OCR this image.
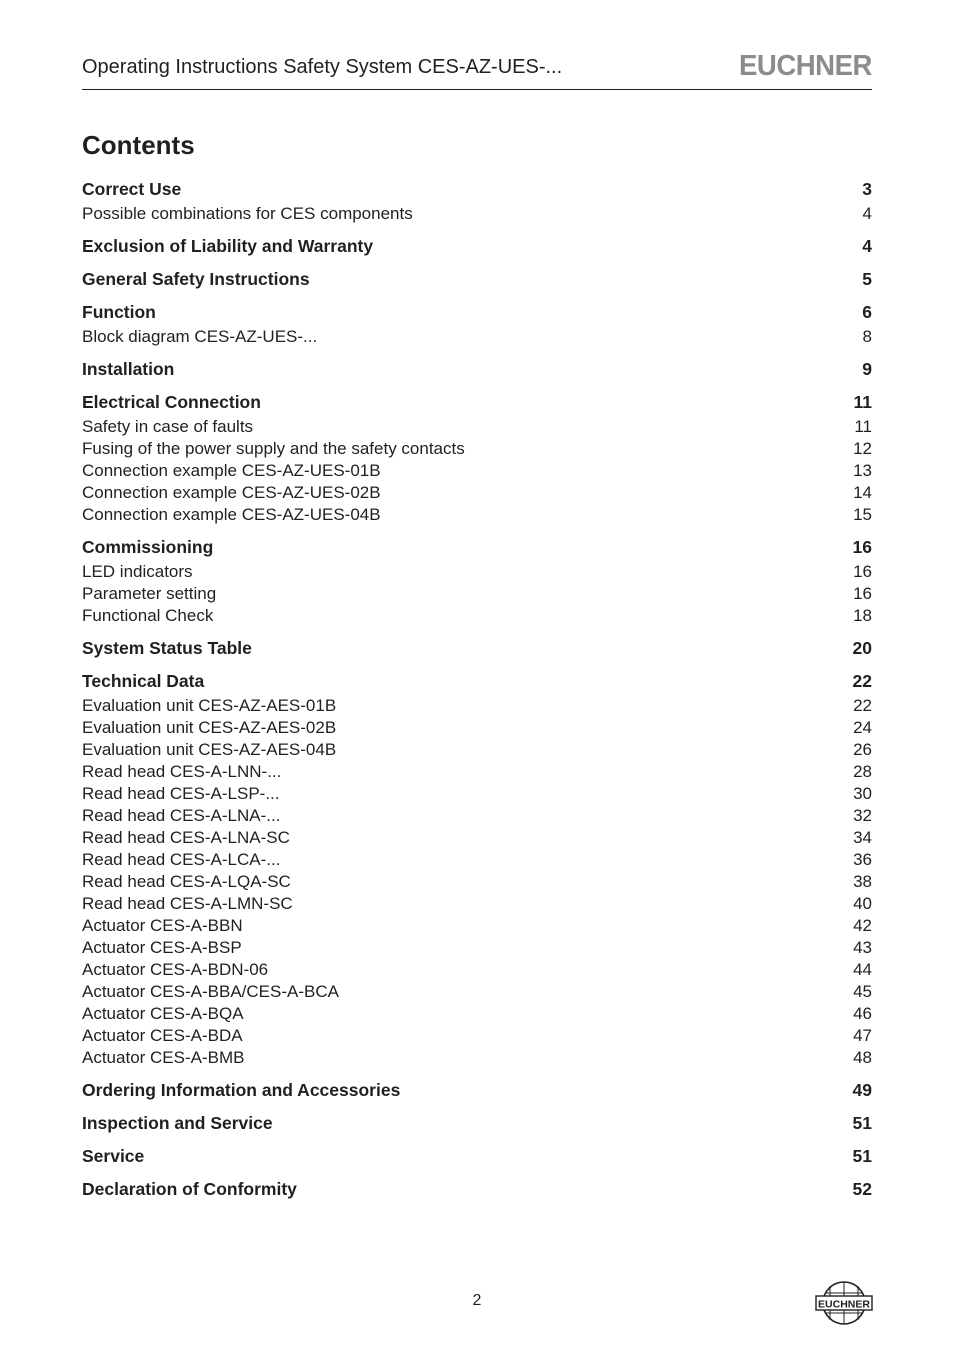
Operating Instructions Safety System CES-AZ-UES-...	EUCHNER
Contents
Correct Use	3
Possible combinations for CES components	4
Exclusion of Liability and Warranty	4
General Safety Instructions	5
Function	6
Block diagram CES-AZ-UES-...	8
Installation	9
Electrical Connection	11
Safety in case of faults	11
Fusing of the power supply and the safety contacts	12
Connection example CES-AZ-UES-01B	13
Connection example CES-AZ-UES-02B	14
Connection example CES-AZ-UES-04B	15
Commissioning	16
LED indicators	16
Parameter setting	16
Functional Check	18
System Status Table	20
Technical Data	22
Evaluation unit CES-AZ-AES-01B	22
Evaluation unit CES-AZ-AES-02B	24
Evaluation unit CES-AZ-AES-04B	26
Read head CES-A-LNN-...	28
Read head CES-A-LSP-...	30
Read head CES-A-LNA-...	32
Read head CES-A-LNA-SC	34
Read head CES-A-LCA-...	36
Read head CES-A-LQA-SC	38
Read head CES-A-LMN-SC	40
Actuator CES-A-BBN	42
Actuator CES-A-BSP	43
Actuator CES-A-BDN-06	44
Actuator CES-A-BBA/CES-A-BCA	45
Actuator CES-A-BQA	46
Actuator CES-A-BDA	47
Actuator CES-A-BMB	48
Ordering Information and Accessories	49
Inspection and Service	51
Service	51
Declaration of Conformity	52
2	EUCHNER
